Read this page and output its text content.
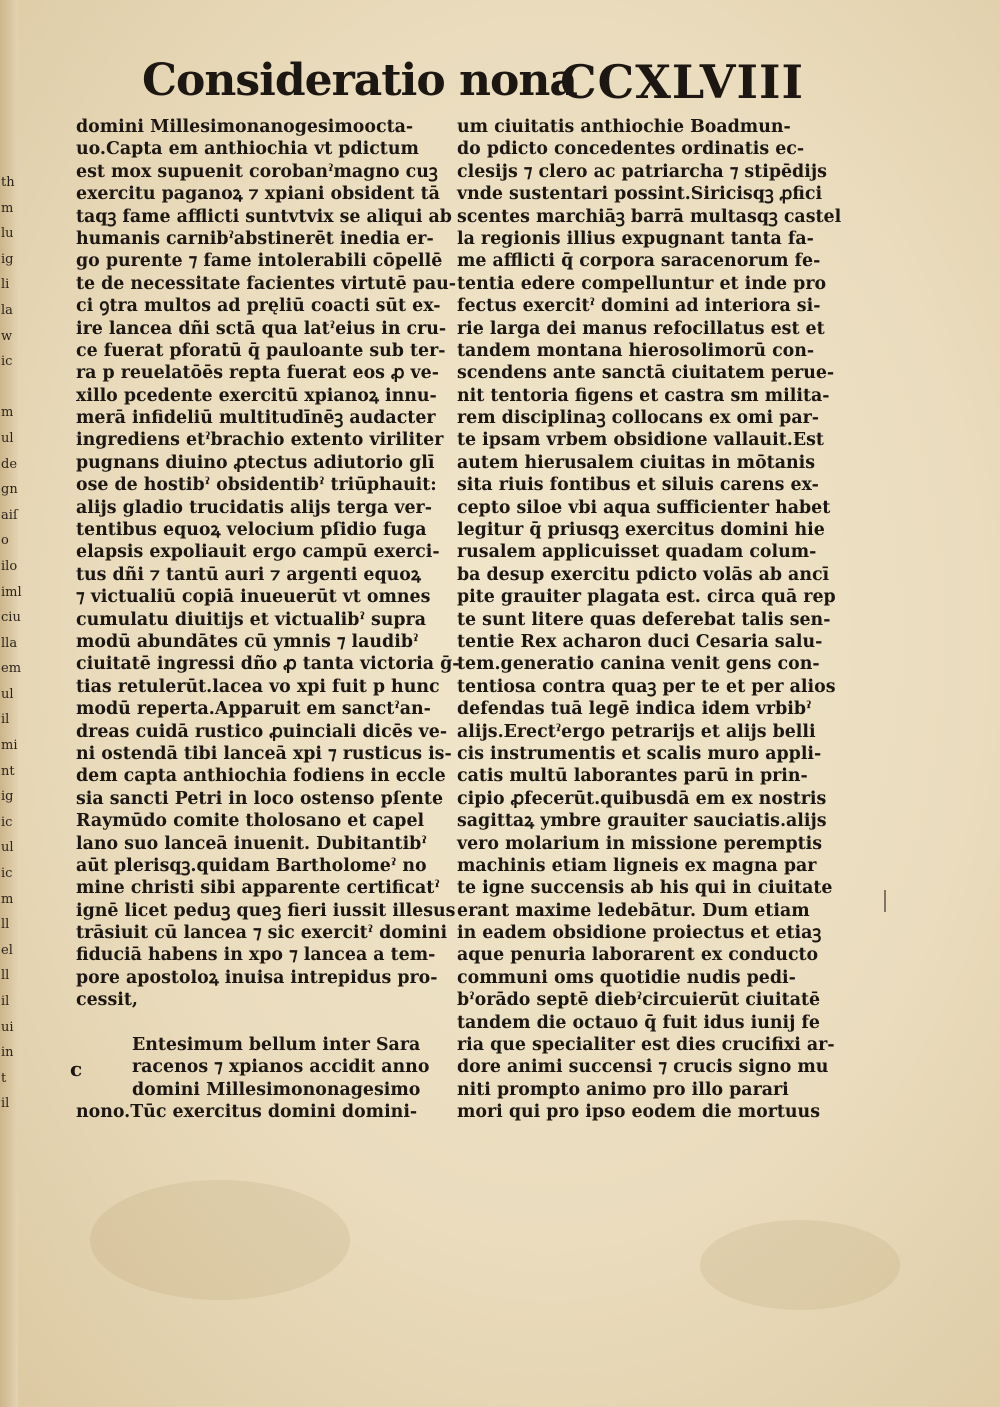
th
m
lu
ig
li
la
w
ic
m
ul
de
gn
aiſ
o
ilo
iml
ciu
lla
em
ul
il
mi
nt
ig
ic
ul
ic
m
ll
el
ll
il
ui
in
t
il
Consideratio nona
CCXLVIII
domini Millesimonanogesimoocta-
uo.Capta em anthiochia vt pdictum
est mox supuenit corobanˀmagno cuꝫ
exercitu paganoꝝ ⁊ xpiani obsident tā
taqꝫ fame afflicti suntvtvix se aliqui ab
humanis carnibˀabstinerēt inedia er-
go purente ⁊ fame intolerabili cōpellē
te de necessitate facientes virtutē pau-
ci ꝯtra multos ad pręliū coacti sūt ex-
ire lancea dñi sctā qua latˀeius in cru-
ce fuerat pforatū q̄ pauloante sub ter-
ra p reuelatōēs repta fuerat eos ꝓ ve-
xillo pcedente exercitū xpianoꝝ innu-
merā infideliū multitudīnēꝫ audacter
ingrediens etˀbrachio extento viriliter
pugnans diuino ꝓtectus adiutorio glī
ose de hostibˀ obsidentibˀ triūphauit:
alijs gladio trucidatis alijs terga ver-
tentibus equoꝝ velocium pſidio fuga
elapsis expoliauit ergo campū exerci-
tus dñi ⁊ tantū auri ⁊ argenti equoꝝ
⁊ victualiū copiā inueuerūt vt omnes
cumulatu diuitijs et victualibˀ supra
modū abundātes cū ymnis ⁊ laudibˀ
ciuitatē ingressi dño ꝓ tanta victoria ḡ-
tias retulerūt.lacea vo xpi fuit p hunc
modū reperta.Apparuit em sanctˀan-
dreas cuidā rustico ꝓuinciali dicēs ve-
ni ostendā tibi lanceā xpi ⁊ rusticus is-
dem capta anthiochia fodiens in eccle
sia sancti Petri in loco ostenso pſente
Raymūdo comite tholosano et capel
lano suo lanceā inuenit. Dubitantibˀ
aūt plerisqꝫ.quidam Bartholomeˀ no
mine christi sibi apparente certificatˀ
ignē licet peduꝫ queꝫ fieri iussit illesus
trāsiuit cū lancea ⁊ sic exercitˀ domini
fiduciā habens in xpo ⁊ lancea a tem-
pore apostoloꝝ inuisa intrepidus pro-
cessit,
Entesimum bellum inter Sara
racenos ⁊ xpianos accidit anno
domini Millesimononagesimo
nono.Tūc exercitus domini domini-
c
um ciuitatis anthiochie Boadmun-
do pdicto concedentes ordinatis ec-
clesijs ⁊ clero ac patriarcha ⁊ stipēdijs
vnde sustentari possint.Siricisqꝫ ꝓfici
scentes marchiāꝫ barrā multasqꝫ castel
la regionis illius expugnant tanta fa-
me afflicti q̄ corpora saracenorum fe-
tentia edere compelluntur et inde pro
fectus exercitˀ domini ad interiora si-
rie larga dei manus refocillatus est et
tandem montana hierosolimorū con-
scendens ante sanctā ciuitatem perue-
nit tentoria figens et castra sm milita-
rem disciplinaꝫ collocans ex omi par-
te ipsam vrbem obsidione vallauit.Est
autem hierusalem ciuitas in mōtanis
sita riuis fontibus et siluis carens ex-
cepto siloe vbi aqua sufficienter habet
legitur q̄ priusqꝫ exercitus domini hie
rusalem applicuisset quadam colum-
ba desup exercitu pdicto volās ab ancī
pite grauiter plagata est. circa quā rep
te sunt litere quas deferebat talis sen-
tentie Rex acharon duci Cesaria salu-
tem.generatio canina venit gens con-
tentiosa contra quaꝫ per te et per alios
defendas tuā legē indica idem vrbibˀ
alijs.Erectˀergo petrarijs et alijs belli
cis instrumentis et scalis muro appli-
catis multū laborantes parū in prin-
cipio ꝓfecerūt.quibusdā em ex nostris
sagittaꝝ ymbre grauiter sauciatis.alijs
vero molarium in missione peremptis
machinis etiam ligneis ex magna par
te igne succensis ab his qui in ciuitate
erant maxime ledebātur. Dum etiam
in eadem obsidione proiectus et etiaꝫ
aque penuria laborarent ex conducto
communi oms quotidie nudis pedi-
bˀorādo septē diebˀcircuierūt ciuitatē
tandem die octauo q̄ fuit idus iunij fe
ria que specialiter est dies crucifixi ar-
dore animi succensi ⁊ crucis signo mu
niti prompto animo pro illo parari
mori qui pro ipso eodem die mortuus
